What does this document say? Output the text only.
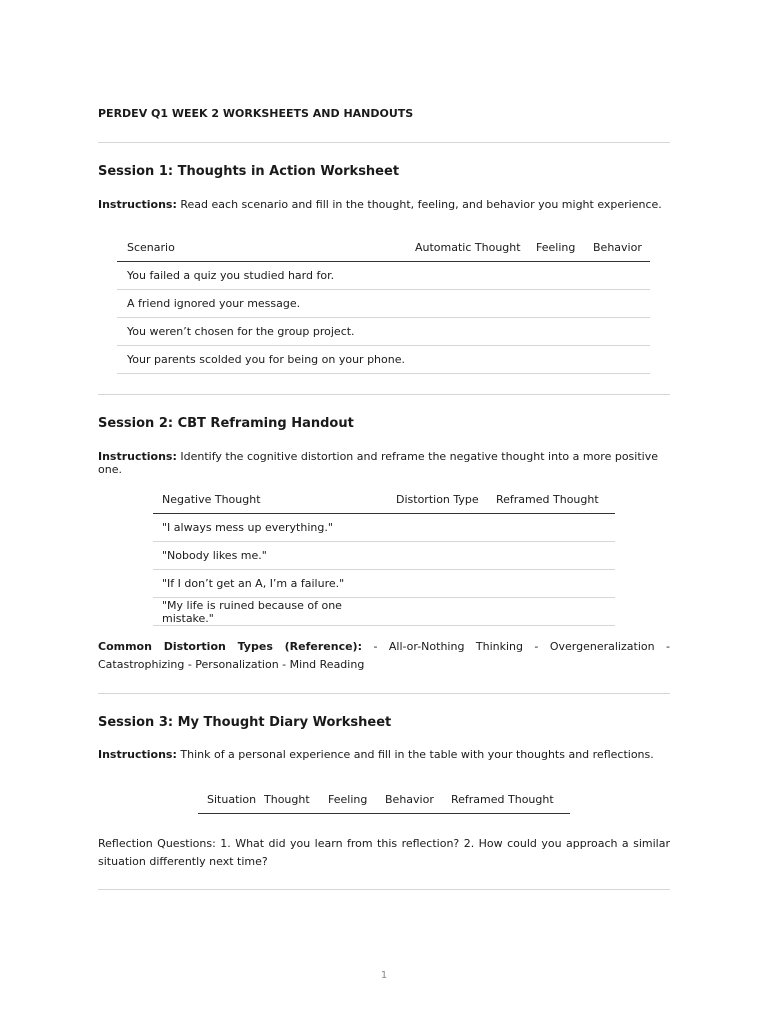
PERDEV Q1 WEEK 2 WORKSHEETS AND HANDOUTS
Session 1: Thoughts in Action Worksheet
Instructions: Read each scenario and fill in the thought, feeling, and behavior you might experience.
Scenario	Automatic Thought	Feeling	Behavior
You failed a quiz you studied hard for.			
A friend ignored your message.			
You weren’t chosen for the group project.			
Your parents scolded you for being on your phone.			
Session 2: CBT Reframing Handout
Instructions: Identify the cognitive distortion and reframe the negative thought into a more positive one.
Negative Thought	Distortion Type	Reframed Thought
"I always mess up everything."		
"Nobody likes me."		
"If I don’t get an A, I’m a failure."		
"My life is ruined because of one mistake."		
Common Distortion Types (Reference): - All-or-Nothing Thinking - Overgeneralization - Catastrophizing - Personalization - Mind Reading
Session 3: My Thought Diary Worksheet
Instructions: Think of a personal experience and fill in the table with your thoughts and reflections.
Situation	Thought	Feeling	Behavior	Reframed Thought
Reflection Questions: 1. What did you learn from this reflection? 2. How could you approach a similar situation differently next time?
1
